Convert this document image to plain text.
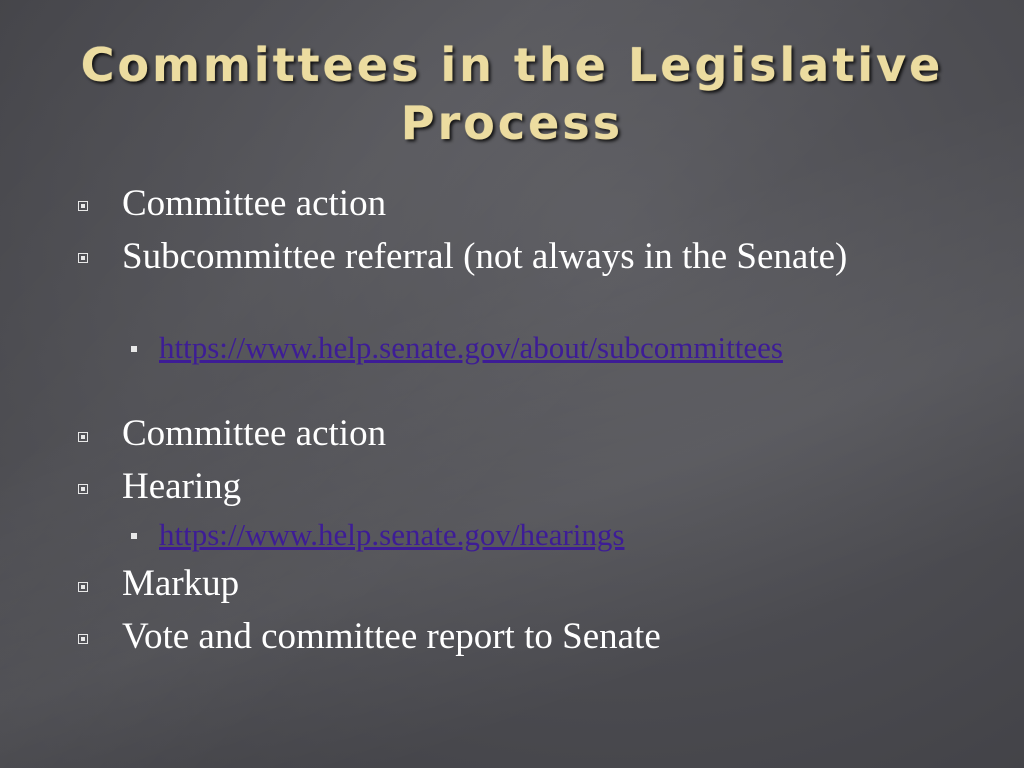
Committees in the Legislative Process

Committee action

Subcommittee referral (not always in the Senate)

https://www.help.senate.gov/about/subcommittees

Committee action

Hearing

https://www.help.senate.gov/hearings

Markup

Vote and committee report to Senate
